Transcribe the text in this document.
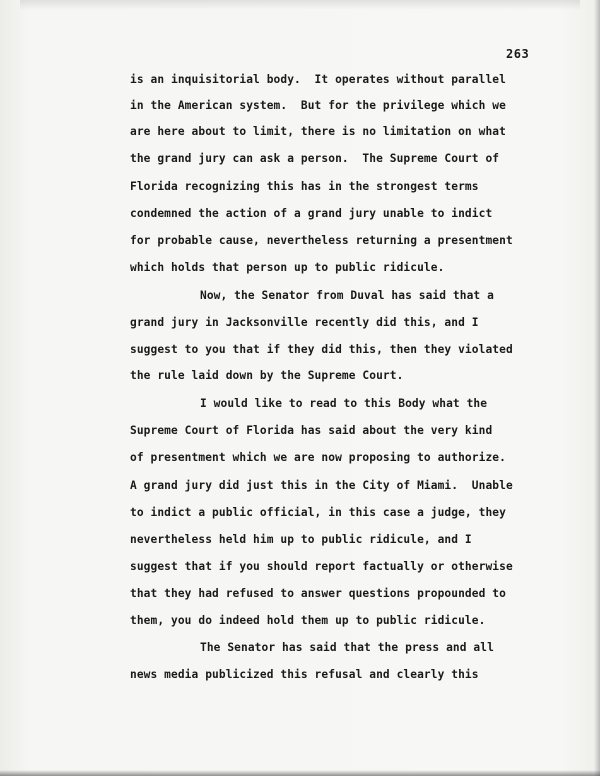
263
is an inquisitorial body.  It operates without parallel
in the American system.  But for the privilege which we
are here about to limit, there is no limitation on what
the grand jury can ask a person.  The Supreme Court of
Florida recognizing this has in the strongest terms
condemned the action of a grand jury unable to indict
for probable cause, nevertheless returning a presentment
which holds that person up to public ridicule.
Now, the Senator from Duval has said that a
grand jury in Jacksonville recently did this, and I
suggest to you that if they did this, then they violated
the rule laid down by the Supreme Court.
I would like to read to this Body what the
Supreme Court of Florida has said about the very kind
of presentment which we are now proposing to authorize.
A grand jury did just this in the City of Miami.  Unable
to indict a public official, in this case a judge, they
nevertheless held him up to public ridicule, and I
suggest that if you should report factually or otherwise
that they had refused to answer questions propounded to
them, you do indeed hold them up to public ridicule.
The Senator has said that the press and all
news media publicized this refusal and clearly this
